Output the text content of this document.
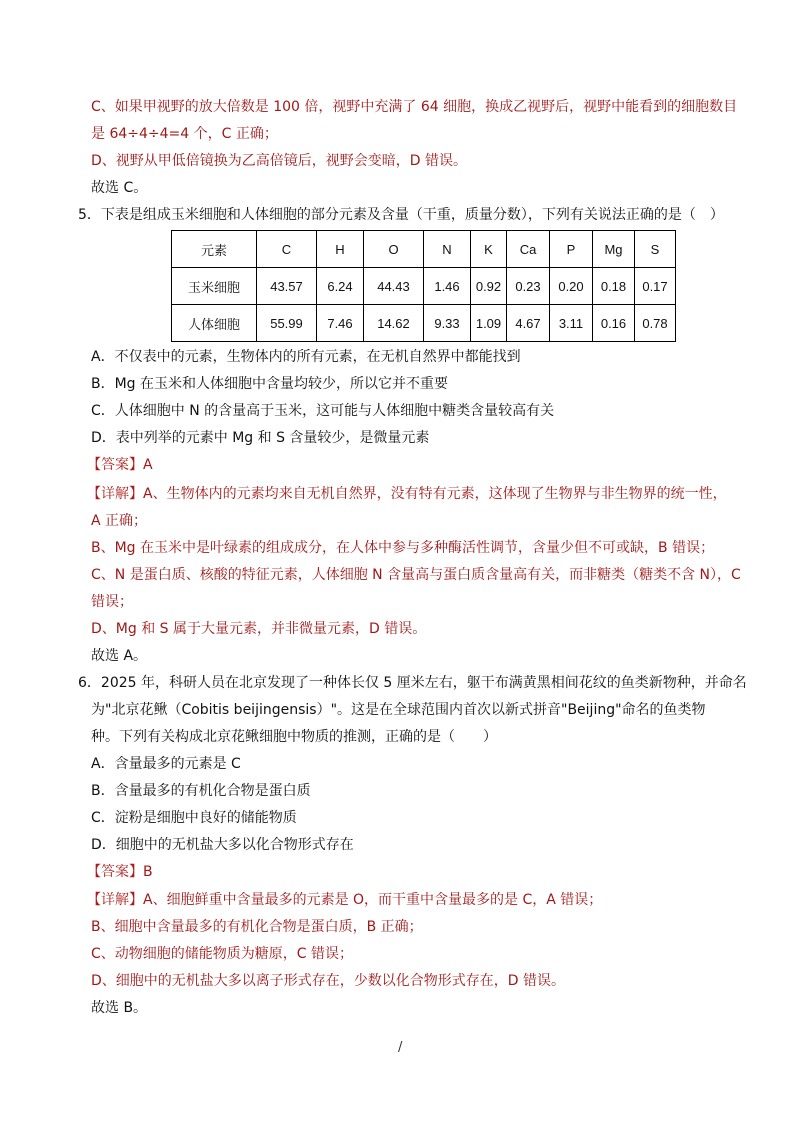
C、如果甲视野的放大倍数是 100 倍，视野中充满了 64 细胞，换成乙视野后，视野中能看到的细胞数目
是 64÷4÷4=4 个，C 正确；
D、视野从甲低倍镜换为乙高倍镜后，视野会变暗，D 错误。
故选 C。
5．下表是组成玉米细胞和人体细胞的部分元素及含量（干重，质量分数），下列有关说法正确的是（　）
元素	C	H	O	N	K	Ca	P	Mg	S
玉米细胞	43.57	6.24	44.43	1.46	0.92	0.23	0.20	0.18	0.17
人体细胞	55.99	7.46	14.62	9.33	1.09	4.67	3.11	0.16	0.78
A．不仅表中的元素，生物体内的所有元素，在无机自然界中都能找到
B．Mg 在玉米和人体细胞中含量均较少，所以它并不重要
C．人体细胞中 N 的含量高于玉米，这可能与人体细胞中糖类含量较高有关
D．表中列举的元素中 Mg 和 S 含量较少，是微量元素
【答案】A
【详解】A、生物体内的元素均来自无机自然界，没有特有元素，这体现了生物界与非生物界的统一性，
A 正确；
B、Mg 在玉米中是叶绿素的组成成分，在人体中参与多种酶活性调节，含量少但不可或缺，B 错误；
C、N 是蛋白质、核酸的特征元素，人体细胞 N 含量高与蛋白质含量高有关，而非糖类（糖类不含 N），C
错误；
D、Mg 和 S 属于大量元素，并非微量元素，D 错误。
故选 A。
6．2025 年，科研人员在北京发现了一种体长仅 5 厘米左右，躯干布满黄黑相间花纹的鱼类新物种，并命名
为"北京花鳅（Cobitis beijingensis）"。这是在全球范围内首次以新式拼音"Beijing"命名的鱼类物
种。下列有关构成北京花鳅细胞中物质的推测，正确的是（　　）
A．含量最多的元素是 C
B．含量最多的有机化合物是蛋白质
C．淀粉是细胞中良好的储能物质
D．细胞中的无机盐大多以化合物形式存在
【答案】B
【详解】A、细胞鲜重中含量最多的元素是 O，而干重中含量最多的是 C，A 错误；
B、细胞中含量最多的有机化合物是蛋白质，B 正确；
C、动物细胞的储能物质为糖原，C 错误；
D、细胞中的无机盐大多以离子形式存在，少数以化合物形式存在，D 错误。
故选 B。
/
